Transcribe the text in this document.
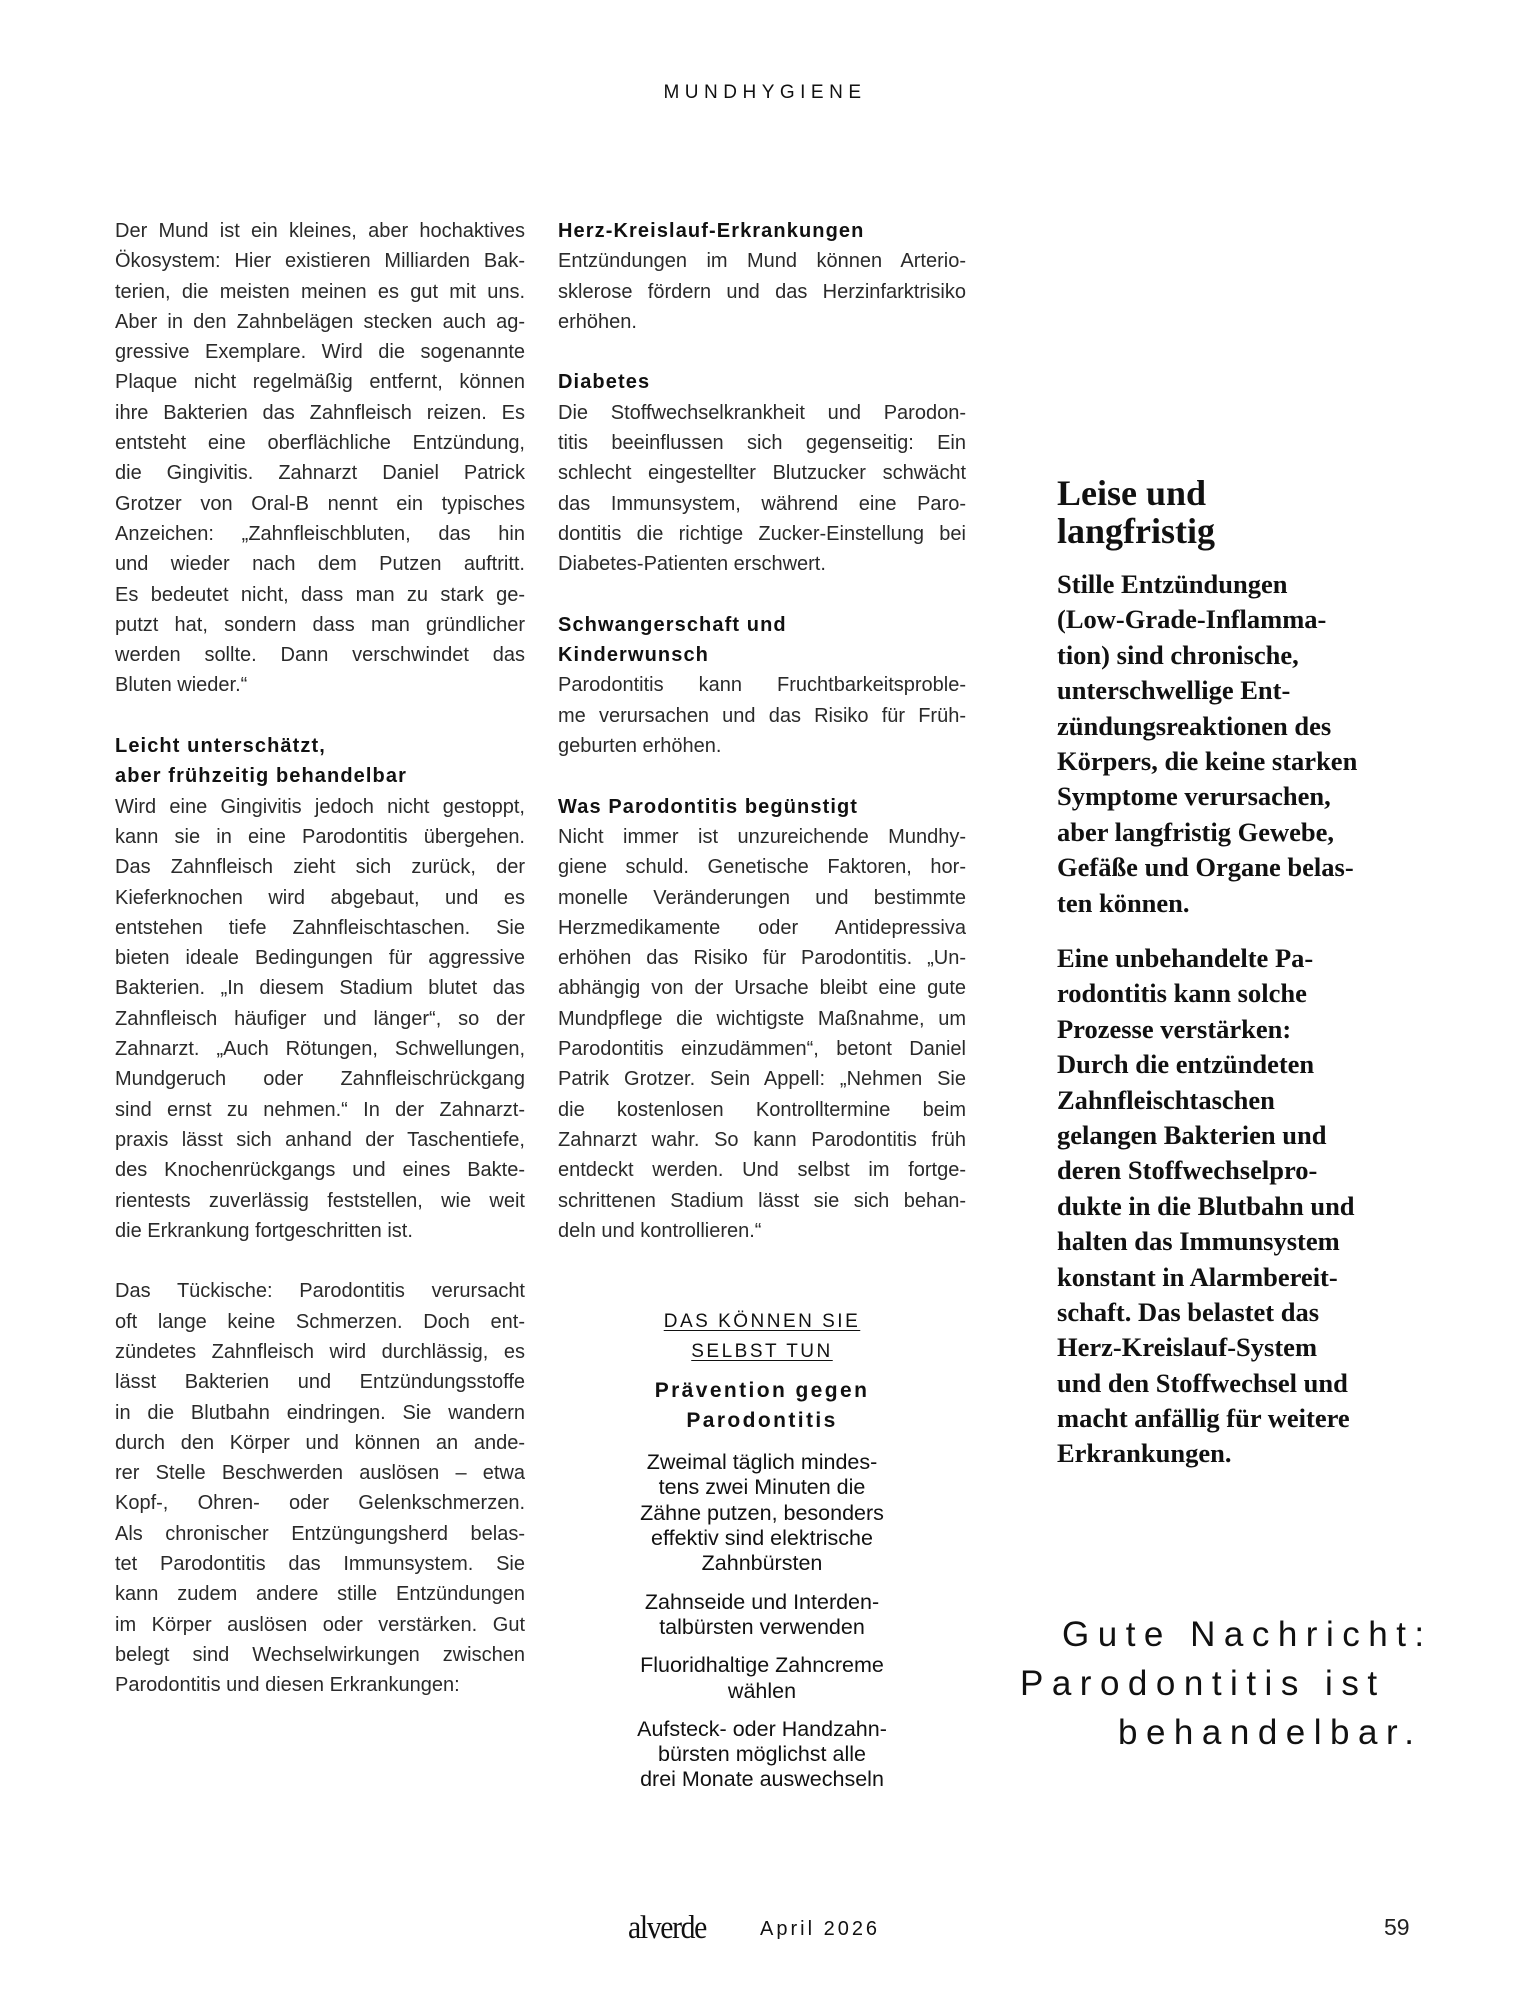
MUNDHYGIENE
Der Mund ist ein kleines, aber hochaktives
Ökosystem: Hier existieren Milliarden Bak-
terien, die meisten meinen es gut mit uns.
Aber in den Zahnbelägen stecken auch ag-
gressive Exemplare. Wird die sogenannte
Plaque nicht regelmäßig entfernt, können
ihre Bakterien das Zahnfleisch reizen. Es
entsteht eine oberflächliche Entzündung,
die Gingivitis. Zahnarzt Daniel Patrick
Grotzer von Oral-B nennt ein typisches
Anzeichen: „Zahnfleischbluten, das hin
und wieder nach dem Putzen auftritt.
Es bedeutet nicht, dass man zu stark ge-
putzt hat, sondern dass man gründlicher
werden sollte. Dann verschwindet das
Bluten wieder.“
Leicht unterschätzt,
aber frühzeitig behandelbar
Wird eine Gingivitis jedoch nicht gestoppt,
kann sie in eine Parodontitis übergehen.
Das Zahnfleisch zieht sich zurück, der
Kieferknochen wird abgebaut, und es
entstehen tiefe Zahnfleischtaschen. Sie
bieten ideale Bedingungen für aggressive
Bakterien. „In diesem Stadium blutet das
Zahnfleisch häufiger und länger“, so der
Zahnarzt. „Auch Rötungen, Schwellungen,
Mundgeruch oder Zahnfleischrückgang
sind ernst zu nehmen.“ In der Zahnarzt-
praxis lässt sich anhand der Taschentiefe,
des Knochenrückgangs und eines Bakte-
rientests zuverlässig feststellen, wie weit
die Erkrankung fortgeschritten ist.
Das Tückische: Parodontitis verursacht
oft lange keine Schmerzen. Doch ent-
zündetes Zahnfleisch wird durchlässig, es
lässt Bakterien und Entzündungsstoffe
in die Blutbahn eindringen. Sie wandern
durch den Körper und können an ande-
rer Stelle Beschwerden auslösen – etwa
Kopf-, Ohren- oder Gelenkschmerzen.
Als chronischer Entzüngungsherd belas-
tet Parodontitis das Immunsystem. Sie
kann zudem andere stille Entzündungen
im Körper auslösen oder verstärken. Gut
belegt sind Wechselwirkungen zwischen
Parodontitis und diesen Erkrankungen:
Herz-Kreislauf-Erkrankungen
Entzündungen im Mund können Arterio-
sklerose fördern und das Herzinfarktrisiko
erhöhen.
Diabetes
Die Stoffwechselkrankheit und Parodon-
titis beeinflussen sich gegenseitig: Ein
schlecht eingestellter Blutzucker schwächt
das Immunsystem, während eine Paro-
dontitis die richtige Zucker-Einstellung bei
Diabetes-Patienten erschwert.
Schwangerschaft und
Kinderwunsch
Parodontitis kann Fruchtbarkeitsproble-
me verursachen und das Risiko für Früh-
geburten erhöhen.
Was Parodontitis begünstigt
Nicht immer ist unzureichende Mundhy-
giene schuld. Genetische Faktoren, hor-
monelle Veränderungen und bestimmte
Herzmedikamente oder Antidepressiva
erhöhen das Risiko für Parodontitis. „Un-
abhängig von der Ursache bleibt eine gute
Mundpflege die wichtigste Maßnahme, um
Parodontitis einzudämmen“, betont Daniel
Patrik Grotzer. Sein Appell: „Nehmen Sie
die kostenlosen Kontrolltermine beim
Zahnarzt wahr. So kann Parodontitis früh
entdeckt werden. Und selbst im fortge-
schrittenen Stadium lässt sie sich behan-
deln und kontrollieren.“
DAS KÖNNEN SIE
SELBST TUN
Prävention gegen
Parodontitis
Zweimal täglich mindes-
tens zwei Minuten die
Zähne putzen, besonders
effektiv sind elektrische
Zahnbürsten
Zahnseide und Interden-
talbürsten verwenden
Fluoridhaltige Zahncreme
wählen
Aufsteck- oder Handzahn-
bürsten möglichst alle
drei Monate auswechseln
Leise und
langfristig
Stille Entzündungen
(Low-Grade-Inflamma-
tion) sind chronische,
unterschwellige Ent-
zündungsreaktionen des
Körpers, die keine starken
Symptome verursachen,
aber langfristig Gewebe,
Gefäße und Organe belas-
ten können.
Eine unbehandelte Pa-
rodontitis kann solche
Prozesse verstärken:
Durch die entzündeten
Zahnfleischtaschen
gelangen Bakterien und
deren Stoffwechselpro-
dukte in die Blutbahn und
halten das Immunsystem
konstant in Alarmbereit-
schaft. Das belastet das
Herz-Kreislauf-System
und den Stoffwechsel und
macht anfällig für weitere
Erkrankungen.
Gute Nachricht:
Parodontitis ist
behandelbar.
alverde	April 2026	59
